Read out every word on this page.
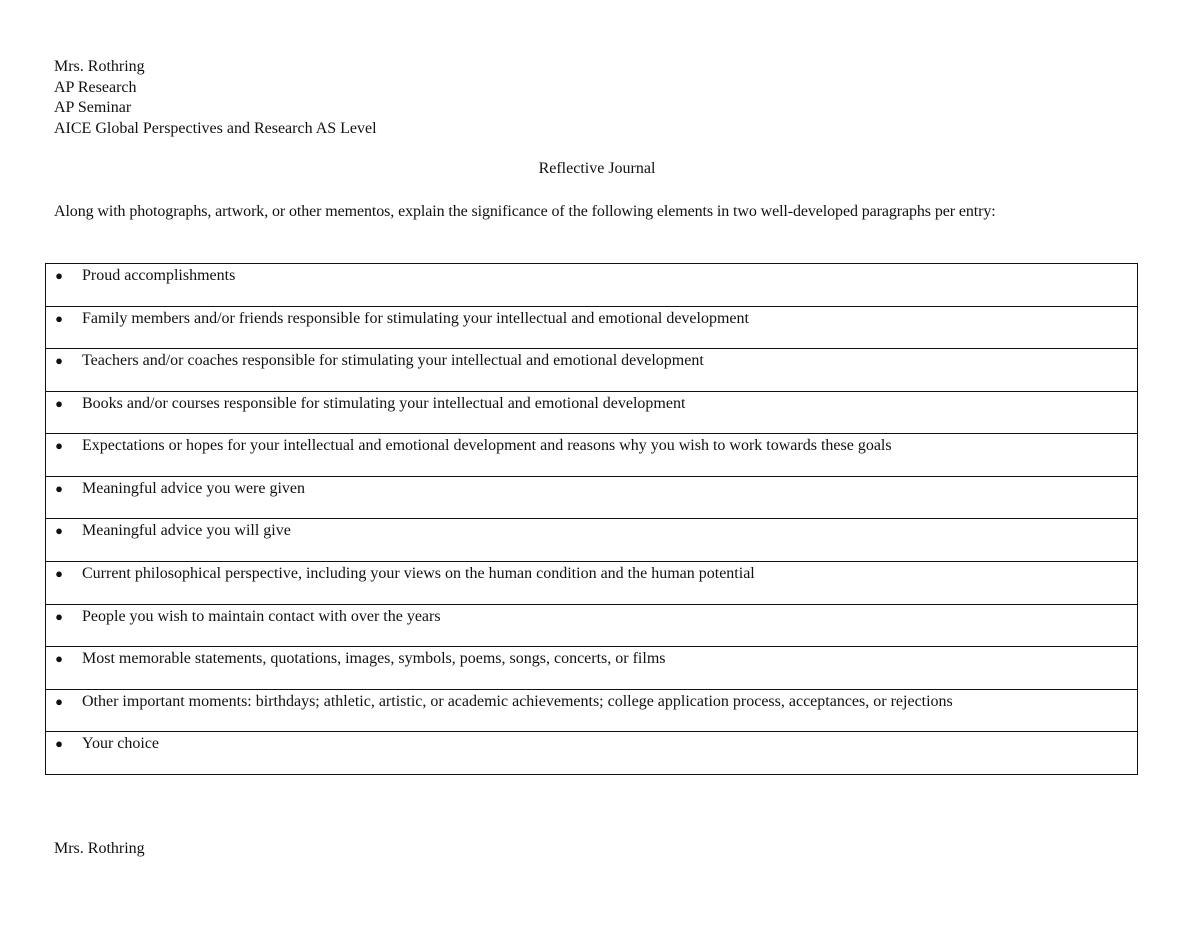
Mrs. Rothring
AP Research
AP Seminar
AICE Global Perspectives and Research AS Level
Reflective Journal
Along with photographs, artwork, or other mementos, explain the significance of the following elements in two well-developed paragraphs per entry:
●	Proud accomplishments

●	Family members and/or friends responsible for stimulating your intellectual and emotional development

●	Teachers and/or coaches responsible for stimulating your intellectual and emotional development

●	Books and/or courses responsible for stimulating your intellectual and emotional development

●	Expectations or hopes for your intellectual and emotional development and reasons why you wish to work towards these goals

●	Meaningful advice you were given

●	Meaningful advice you will give

●	Current philosophical perspective, including your views on the human condition and the human potential

●	People you wish to maintain contact with over the years

●	Most memorable statements, quotations, images, symbols, poems, songs, concerts, or films

●	Other important moments: birthdays; athletic, artistic, or academic achievements; college application process, acceptances, or rejections

●	Your choice
Mrs. Rothring
